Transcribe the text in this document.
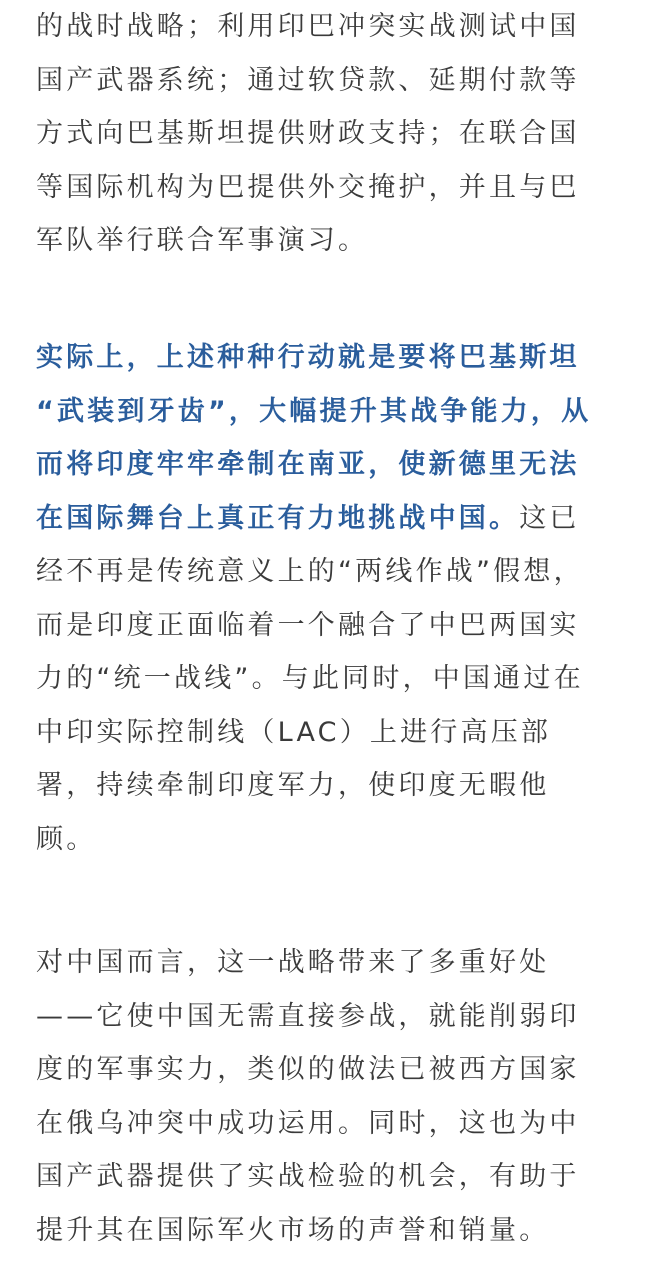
的战时战略；利用印巴冲突实战测试中国
国产武器系统；通过软贷款、延期付款等
方式向巴基斯坦提供财政支持；在联合国
等国际机构为巴提供外交掩护，并且与巴
军队举行联合军事演习。
实际上，上述种种行动就是要将巴基斯坦
“武装到牙齿”，大幅提升其战争能力，从
而将印度牢牢牵制在南亚，使新德里无法
在国际舞台上真正有力地挑战中国。这已
经不再是传统意义上的“两线作战”假想，
而是印度正面临着一个融合了中巴两国实
力的“统一战线”。与此同时，中国通过在
中印实际控制线（LAC）上进行高压部
署，持续牵制印度军力，使印度无暇他
顾。
对中国而言，这一战略带来了多重好处
——它使中国无需直接参战，就能削弱印
度的军事实力，类似的做法已被西方国家
在俄乌冲突中成功运用。同时，这也为中
国产武器提供了实战检验的机会，有助于
提升其在国际军火市场的声誉和销量。
